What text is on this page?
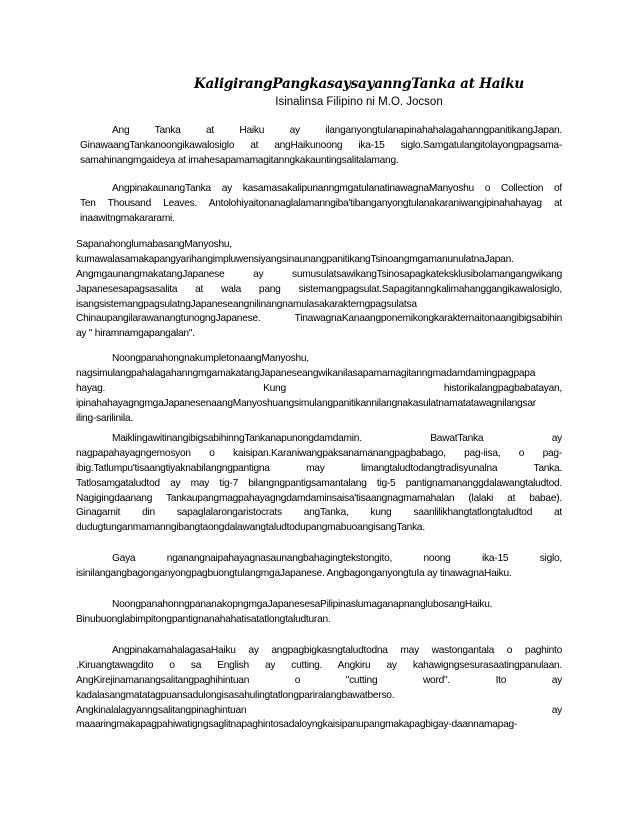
KaligirangPangkasaysayanngTanka at Haiku
Isinalinsa Filipino ni M.O. Jocson
Ang Tanka at Haiku ay ilanganyongtulanapinahahalagahanngpanitikangJapan.
GinawaangTankanoongikawalosiglo at angHaikunoong ika-15 siglo.Samgatulangitolayongpagsama-
samahinangmgaideya at imahesapamamagitanngkakauntingsalitalamang.
AngpinakaunangTanka ay kasamasakalipunanngmgatulanatinawagnaManyoshu o Collection of
Ten Thousand Leaves. Antolohiyaitonanaglalamanngiba'tibanganyongtulanakaraniwangipinahahayag at
inaawitngmakararami.
SapanahonglumabasangManyoshu,
kumawalasamakapangyarihangimpluwensiyangsinaunangpanitikangTsinoangmgamanunulatnaJapan.
AngmgaunangmakatangJapanese ay sumusulatsawikangTsinosapagkateksklusibolamangangwikang
Japanesesapagsasalita at wala pang sistemangpagsulat.Sapagitanngkalimahanggangikawalosiglo,
isangsistemangpagsulatngJapaneseangnilinangnamulasakarakterngpagsulatsa
ChinaupangilarawanangtunogngJapanese. TinawagnaKanaangponemikongkarakternaitonaangibigsabihin
ay " hiramnamgapangalan".
NoongpanahongnakumpletonaangManyoshu,
nagsimulangpahalagahanngmgamakatangJapaneseangwikanilasapamamagitanngmadamdamingpagpapa
hayag. Kung historikalangpagbabatayan,
ipinahahayagngmgaJapanesenaangManyoshuangsimulangpanitikannilangnakasulatnamatatawagnilangsar
iling-sarilinila.
MaiklingawitinangibigsabihinngTankanapunongdamdamin. BawatTanka ay
nagpapahayagngemosyon o kaisipan.Karaniwangpaksanamanangpagbabago, pag-iisa, o pag-
ibig.Tatlumpu'tisaangtiyaknabilangngpantigna may limangtaludtodangtradisyunalna Tanka.
Tatlosamgataludtod ay may tig-7 bilangngpantigsamantalang tig-5 pantignamananggdalawangtaludtod.
Nagigingdaanang Tankaupangmagpahayagngdamdaminsaisa'tisaangnagmamahalan (lalaki at babae).
Ginagamit din sapaglalarongaristocrats angTanka, kung saanlilikhangtatlongtaludtod at
dudugtunganmamanngibangtaongdalawangtaludtodupangmabuoangisangTanka.
Gaya nganangnaipahayagnasaunangbahagingtekstongito, noong ika-15 siglo,
isinilangangbagonganyongpagbuongtulangmgaJapanese. AngbagonganyongtuIa ay tinawagnaHaiku.
NoongpanahonngpananakopngmgaJapanesesaPilipinaslumaganapnanglubosangHaiku.
Binubuonglabimpitongpantignanahahatisatatlongtaludturan.
AngpinakamahalagasaHaiku ay angpagbigkasngtaludtodna may wastongantala o paghinto
.Kiruangtawagdito o sa English ay cutting. Angkiru ay kahawigngsesurasaatingpanulaan.
AngKirejinamanangsalitangpaghihintuan o "cutting word". Ito ay
kadalasangmatatagpuansadulongisasahulingtatlongpariralangbawatberso.
Angkinalalagyanngsalitangpinaghintuan ay
maaaringmakapagpahiwatigngsaglitnapaghintosadaloyngkaisipanupangmakapagbigay-daannamapag-
